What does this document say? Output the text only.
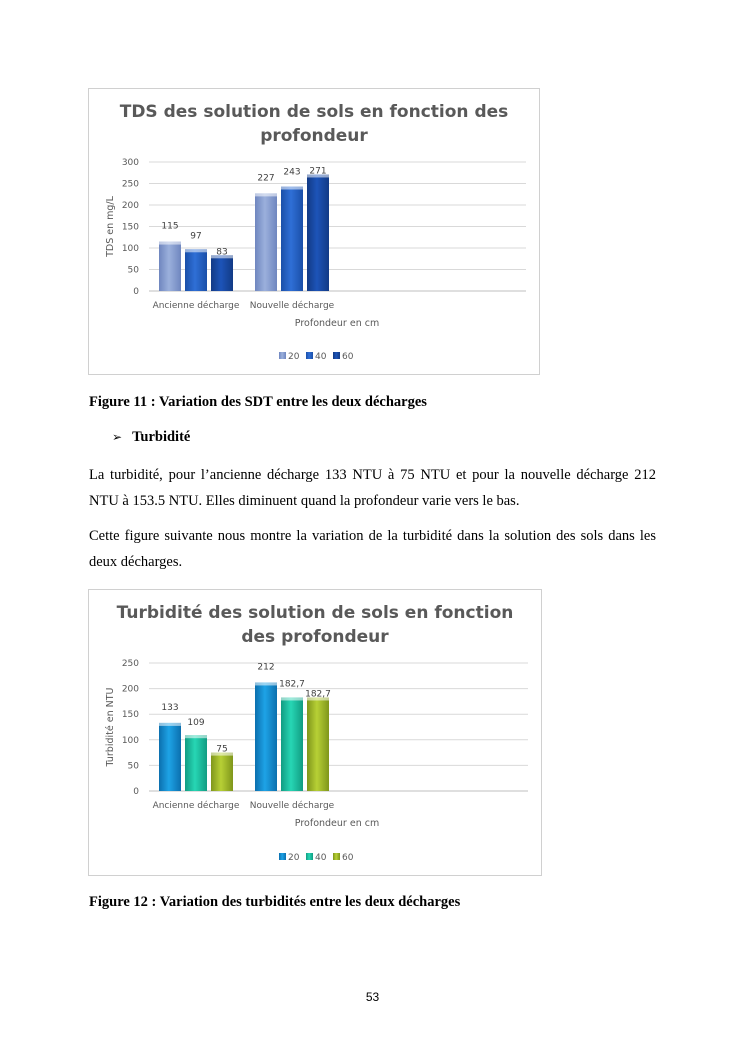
TDS des solution de sols en fonction des
profondeur
0
50
100
150
200
250
300
TDS en mg/L	115
97
83
Ancienne décharge
227
243 271
Nouvelle décharge
Profondeur en cm
20 40 60
Figure 11 : Variation des SDT entre les deux décharges
➢ Turbidité
La turbidité, pour l’ancienne décharge 133 NTU à 75 NTU et pour la nouvelle décharge 212 NTU à 153.5 NTU. Elles diminuent quand la profondeur varie vers le bas.
Cette figure suivante nous montre la variation de la turbidité dans la solution des sols dans les deux décharges.
Turbidité des solution de sols en fonction
des profondeur
0
50
100
150
200
250
Turbidité en NTU	133
109
75
Ancienne décharge
212
182,7
182,7
Nouvelle décharge
Profondeur en cm
20 40 60
Figure 12 : Variation des turbidités entre les deux décharges
53
